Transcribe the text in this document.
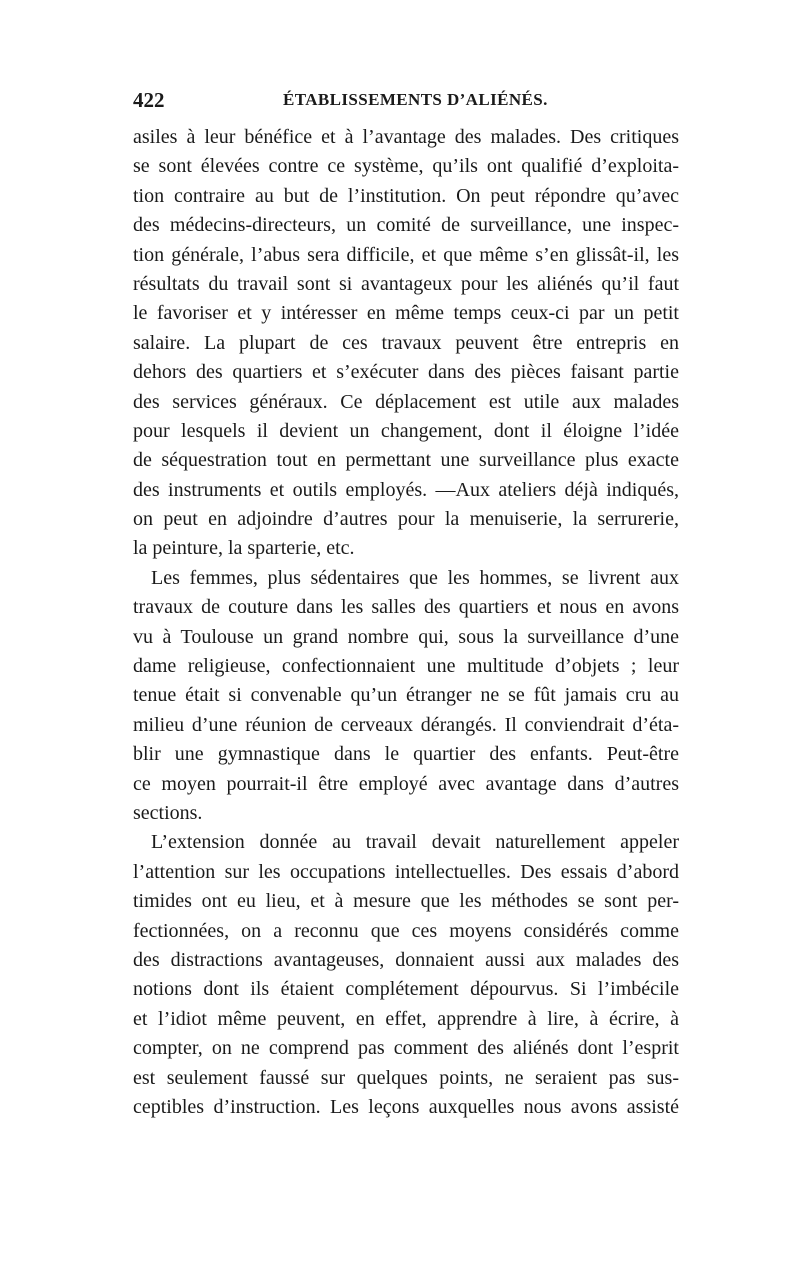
422	ÉTABLISSEMENTS D’ALIÉNÉS.
asiles à leur bénéfice et à l’avantage des malades. Des critiques
se sont élevées contre ce système, qu’ils ont qualifié d’exploita-
tion contraire au but de l’institution. On peut répondre qu’avec
des médecins-directeurs, un comité de surveillance, une inspec-
tion générale, l’abus sera difficile, et que même s’en glissât-il, les
résultats du travail sont si avantageux pour les aliénés qu’il faut
le favoriser et y intéresser en même temps ceux-ci par un petit
salaire. La plupart de ces travaux peuvent être entrepris en
dehors des quartiers et s’exécuter dans des pièces faisant partie
des services généraux. Ce déplacement est utile aux malades
pour lesquels il devient un changement, dont il éloigne l’idée
de séquestration tout en permettant une surveillance plus exacte
des instruments et outils employés. —Aux ateliers déjà indiqués,
on peut en adjoindre d’autres pour la menuiserie, la serrurerie,
la peinture, la sparterie, etc.
Les femmes, plus sédentaires que les hommes, se livrent aux
travaux de couture dans les salles des quartiers et nous en avons
vu à Toulouse un grand nombre qui, sous la surveillance d’une
dame religieuse, confectionnaient une multitude d’objets ; leur
tenue était si convenable qu’un étranger ne se fût jamais cru au
milieu d’une réunion de cerveaux dérangés. Il conviendrait d’éta-
blir une gymnastique dans le quartier des enfants. Peut-être
ce moyen pourrait-il être employé avec avantage dans d’autres
sections.
L’extension donnée au travail devait naturellement appeler
l’attention sur les occupations intellectuelles. Des essais d’abord
timides ont eu lieu, et à mesure que les méthodes se sont per-
fectionnées, on a reconnu que ces moyens considérés comme
des distractions avantageuses, donnaient aussi aux malades des
notions dont ils étaient complétement dépourvus. Si l’imbécile
et l’idiot même peuvent, en effet, apprendre à lire, à écrire, à
compter, on ne comprend pas comment des aliénés dont l’esprit
est seulement faussé sur quelques points, ne seraient pas sus-
ceptibles d’instruction. Les leçons auxquelles nous avons assisté
